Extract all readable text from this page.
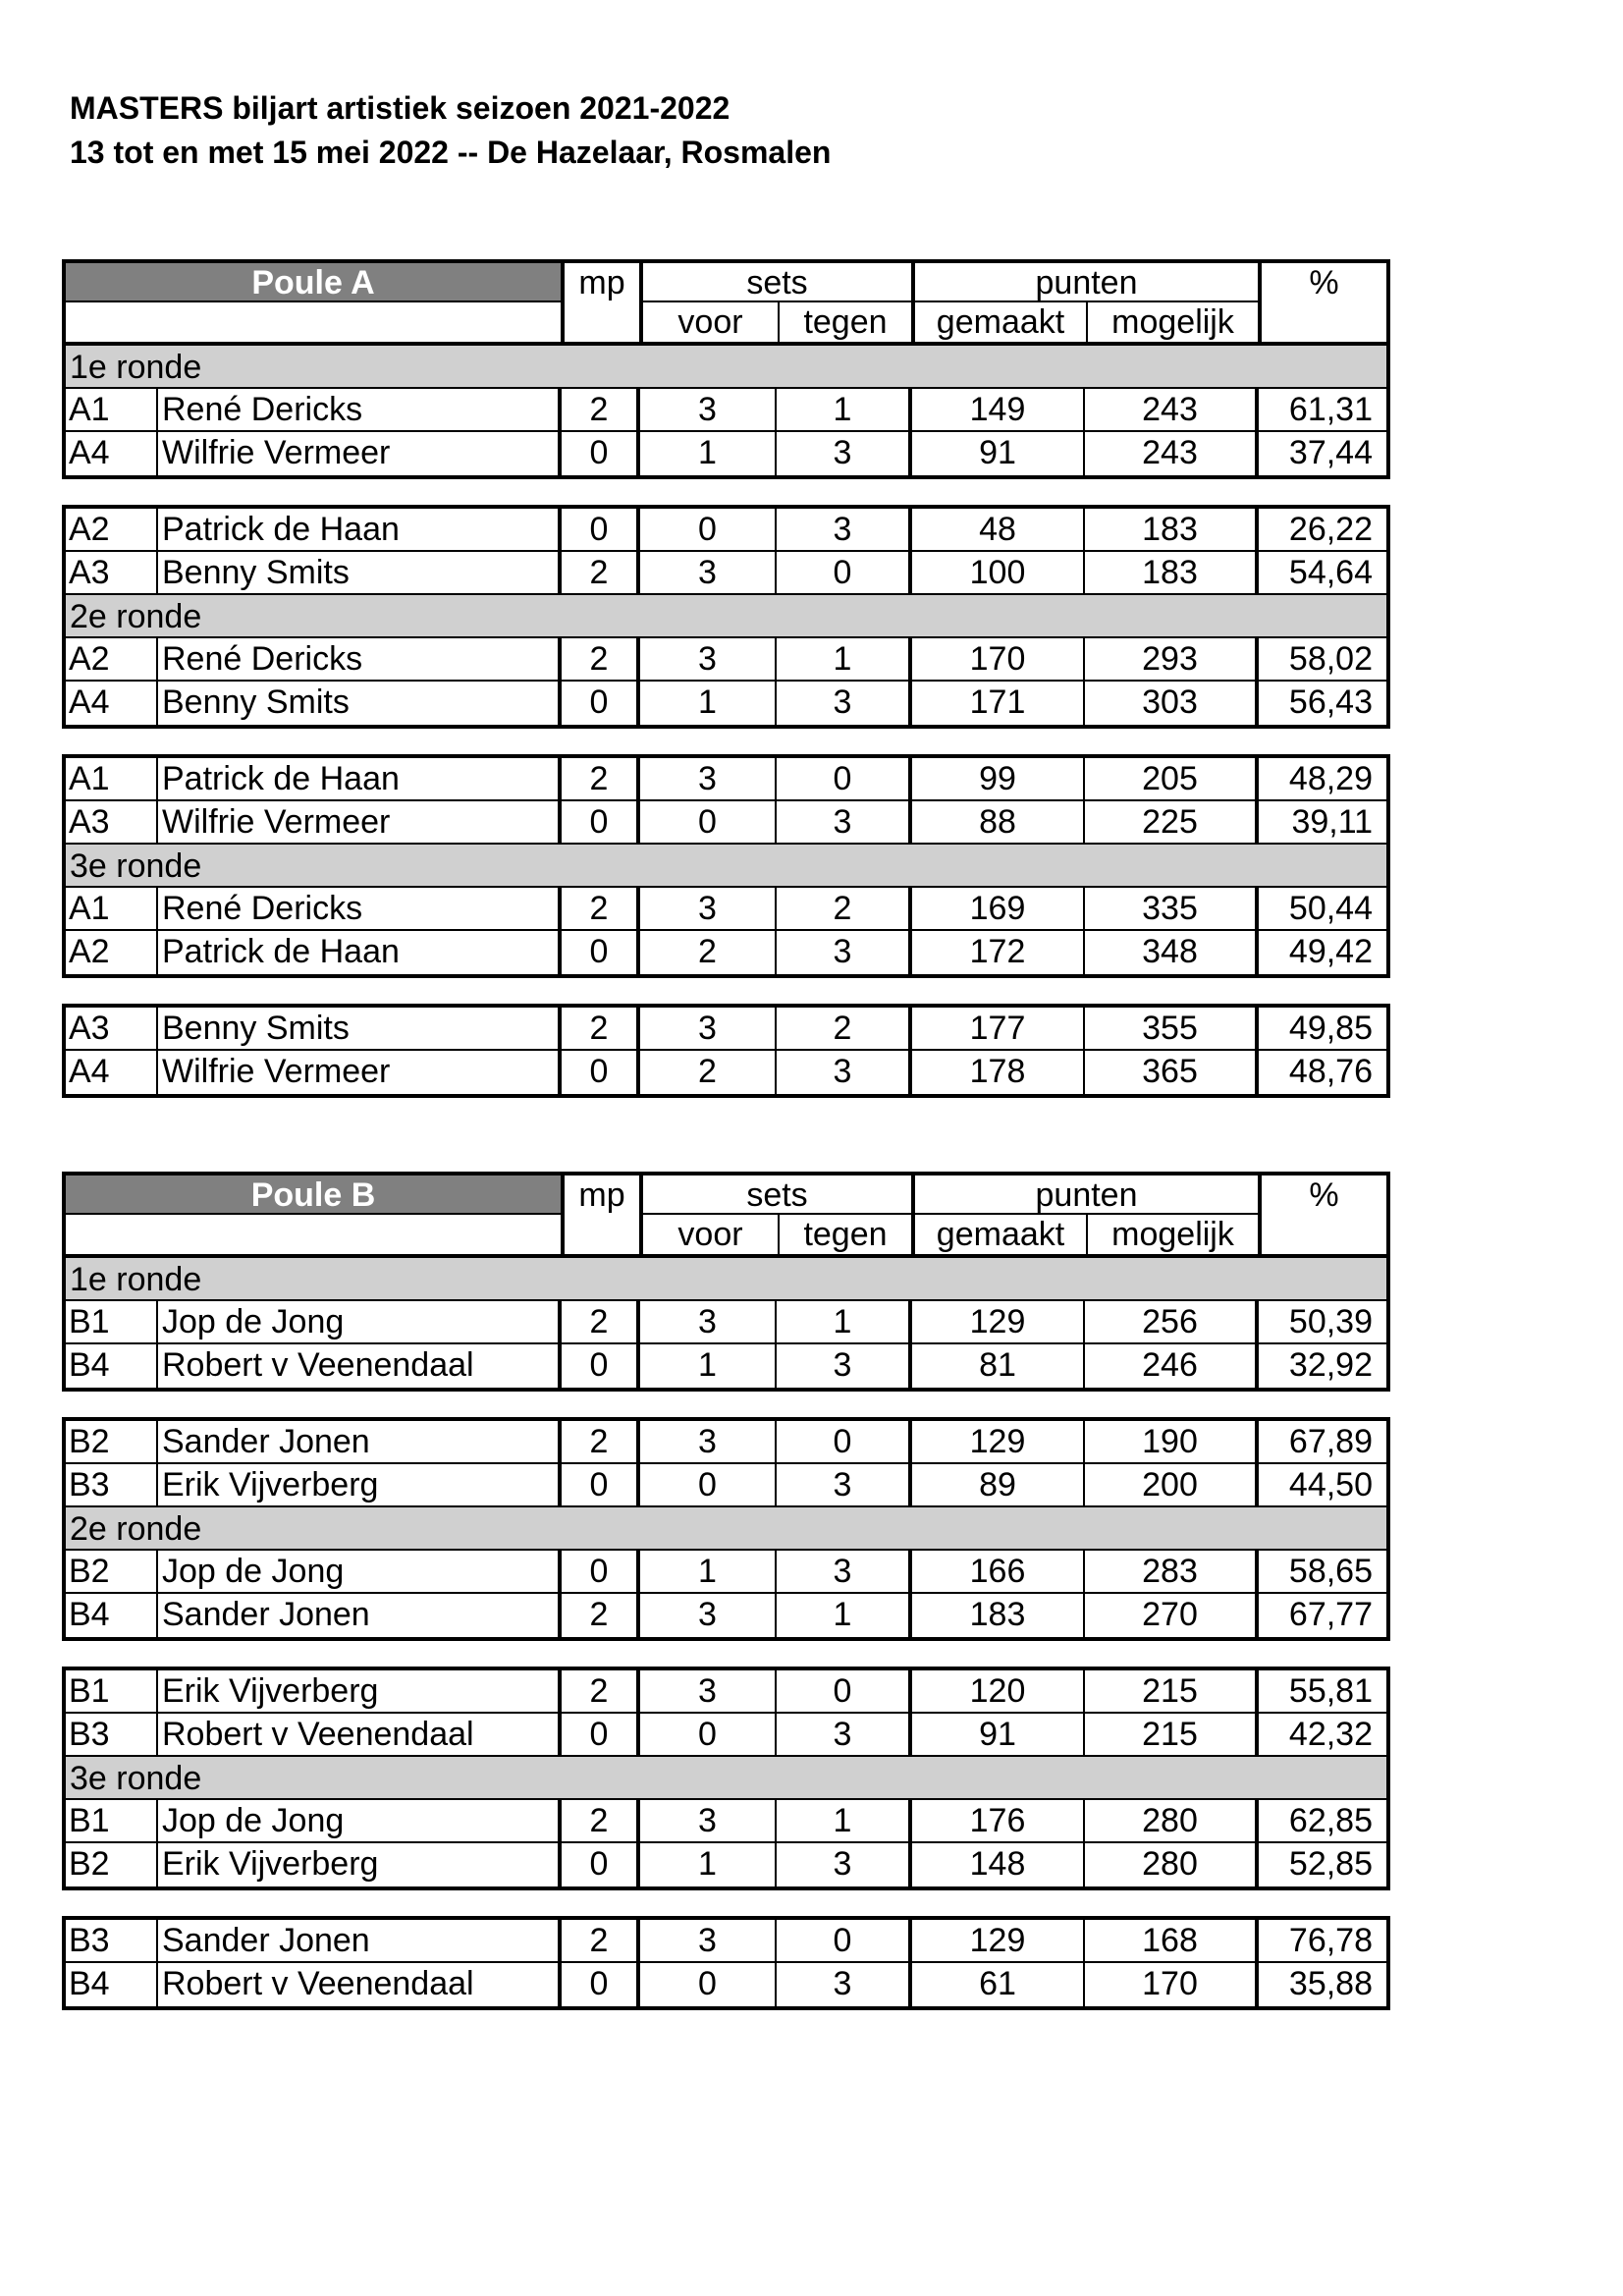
MASTERS biljart artistiek seizoen 2021-2022
13 tot en met 15 mei 2022 -- De Hazelaar, Rosmalen
Poule A	mp	sets
voor	tegen
punten
gemaakt	mogelijk
%
1e ronde
A1	René Dericks	2	3	1	149	243	61,31
A4	Wilfrie Vermeer	0	1	3	91	243	37,44
A2	Patrick de Haan	0	0	3	48	183	26,22
A3	Benny Smits	2	3	0	100	183	54,64
2e ronde
A2	René Dericks	2	3	1	170	293	58,02
A4	Benny Smits	0	1	3	171	303	56,43
A1	Patrick de Haan	2	3	0	99	205	48,29
A3	Wilfrie Vermeer	0	0	3	88	225	39,11
3e ronde
A1	René Dericks	2	3	2	169	335	50,44
A2	Patrick de Haan	0	2	3	172	348	49,42
A3	Benny Smits	2	3	2	177	355	49,85
A4	Wilfrie Vermeer	0	2	3	178	365	48,76
Poule B	mp	sets
voor	tegen
punten
gemaakt	mogelijk
%
1e ronde
B1	Jop de Jong	2	3	1	129	256	50,39
B4	Robert v Veenendaal	0	1	3	81	246	32,92
B2	Sander Jonen	2	3	0	129	190	67,89
B3	Erik Vijverberg	0	0	3	89	200	44,50
2e ronde
B2	Jop de Jong	0	1	3	166	283	58,65
B4	Sander Jonen	2	3	1	183	270	67,77
B1	Erik Vijverberg	2	3	0	120	215	55,81
B3	Robert v Veenendaal	0	0	3	91	215	42,32
3e ronde
B1	Jop de Jong	2	3	1	176	280	62,85
B2	Erik Vijverberg	0	1	3	148	280	52,85
B3	Sander Jonen	2	3	0	129	168	76,78
B4	Robert v Veenendaal	0	0	3	61	170	35,88
